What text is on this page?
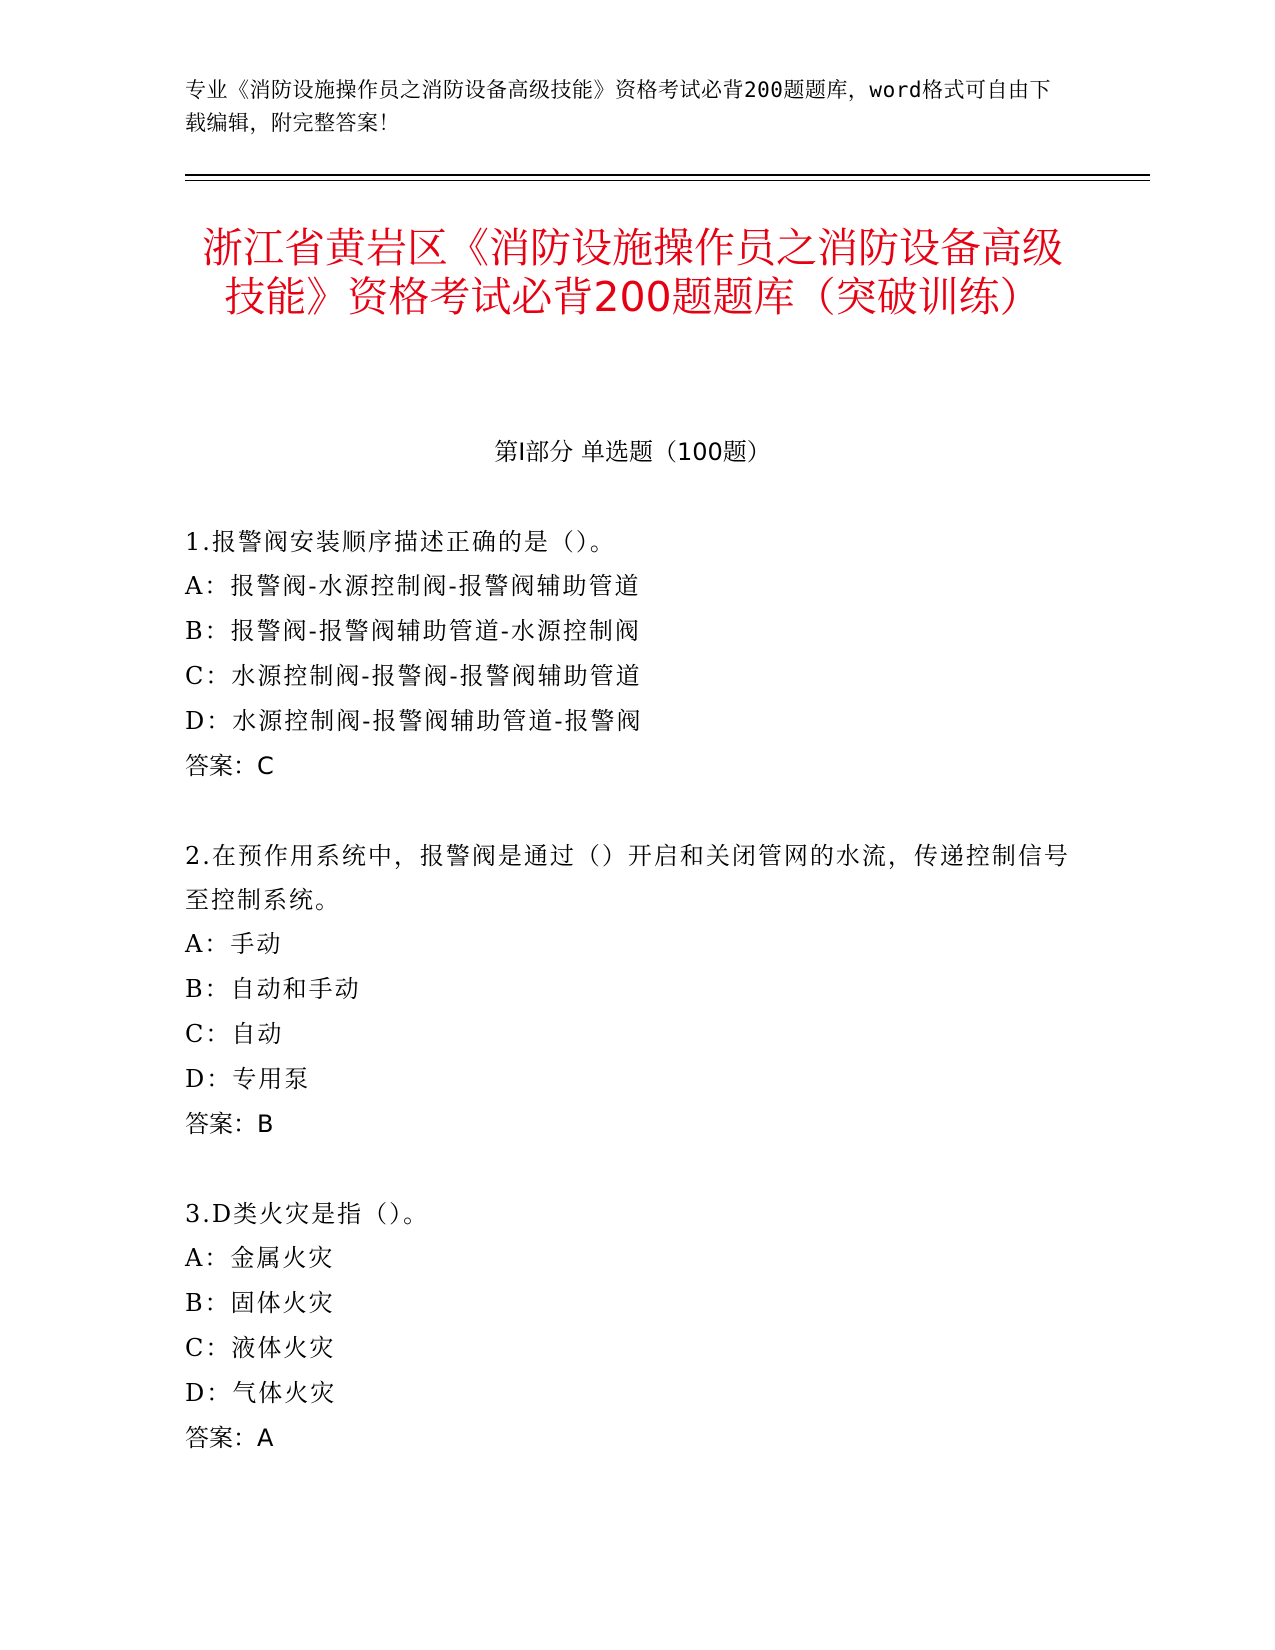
专业《消防设施操作员之消防设备高级技能》资格考试必背200题题库，word格式可自由下载编辑，附完整答案！
浙江省黄岩区《消防设施操作员之消防设备高级技能》资格考试必背200题题库（突破训练）
第Ⅰ部分 单选题（100题）
1.报警阀安装顺序描述正确的是（）。
A：报警阀-水源控制阀-报警阀辅助管道
B：报警阀-报警阀辅助管道-水源控制阀
C：水源控制阀-报警阀-报警阀辅助管道
D：水源控制阀-报警阀辅助管道-报警阀
答案：C
2.在预作用系统中，报警阀是通过（）开启和关闭管网的水流，传递控制信号至控制系统。
A：手动
B：自动和手动
C：自动
D：专用泵
答案：B
3.D类火灾是指（）。
A：金属火灾
B：固体火灾
C：液体火灾
D：气体火灾
答案：A
